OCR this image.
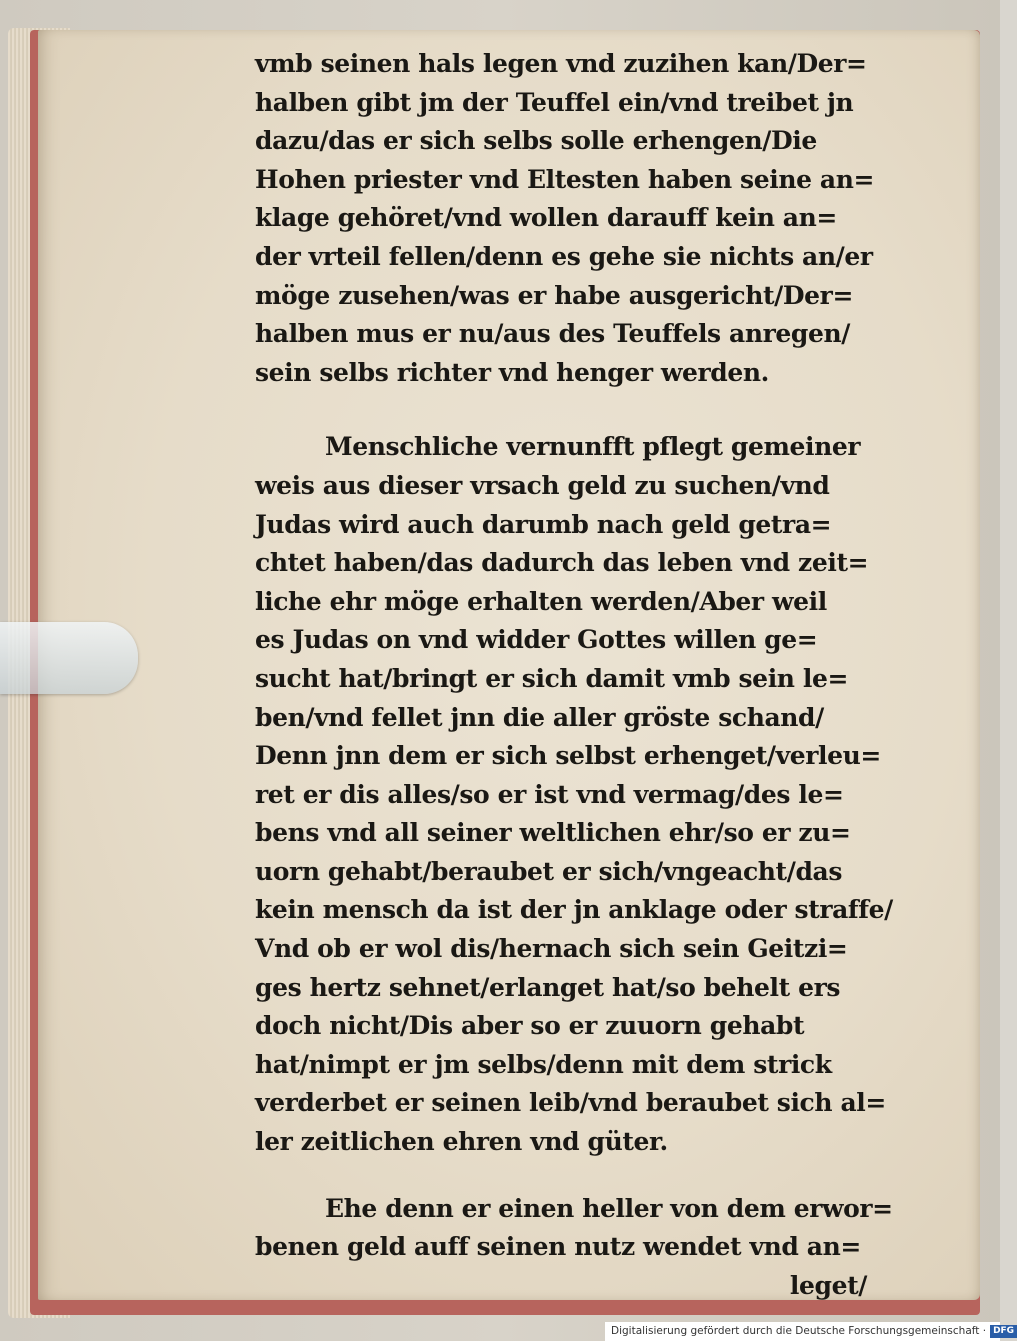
vmb seinen hals legen vnd zuzihen kan/Der=
halben gibt jm der Teuffel ein/vnd treibet jn
dazu/das er sich selbs solle erhengen/Die
Hohen priester vnd Eltesten haben seine an=
klage gehöret/vnd wollen darauff kein an=
der vrteil fellen/denn es gehe sie nichts an/er
möge zusehen/was er habe ausgericht/Der=
halben mus er nu/aus des Teuffels anregen/
sein selbs richter vnd henger werden.
Menschliche vernunfft pflegt gemeiner
weis aus dieser vrsach geld zu suchen/vnd
Judas wird auch darumb nach geld getra=
chtet haben/das dadurch das leben vnd zeit=
liche ehr möge erhalten werden/Aber weil
es Judas on vnd widder Gottes willen ge=
sucht hat/bringt er sich damit vmb sein le=
ben/vnd fellet jnn die aller gröste schand/
Denn jnn dem er sich selbst erhenget/verleu=
ret er dis alles/so er ist vnd vermag/des le=
bens vnd all seiner weltlichen ehr/so er zu=
uorn gehabt/beraubet er sich/vngeacht/das
kein mensch da ist der jn anklage oder straffe/
Vnd ob er wol dis/hernach sich sein Geitzi=
ges hertz sehnet/erlanget hat/so behelt ers
doch nicht/Dis aber so er zuuorn gehabt
hat/nimpt er jm selbs/denn mit dem strick
verderbet er seinen leib/vnd beraubet sich al=
ler zeitlichen ehren vnd güter.
Ehe denn er einen heller von dem erwor=
benen geld auff seinen nutz wendet vnd an=
leget/
Digitalisierung gefördert durch die Deutsche Forschungsgemeinschaft · DFG
